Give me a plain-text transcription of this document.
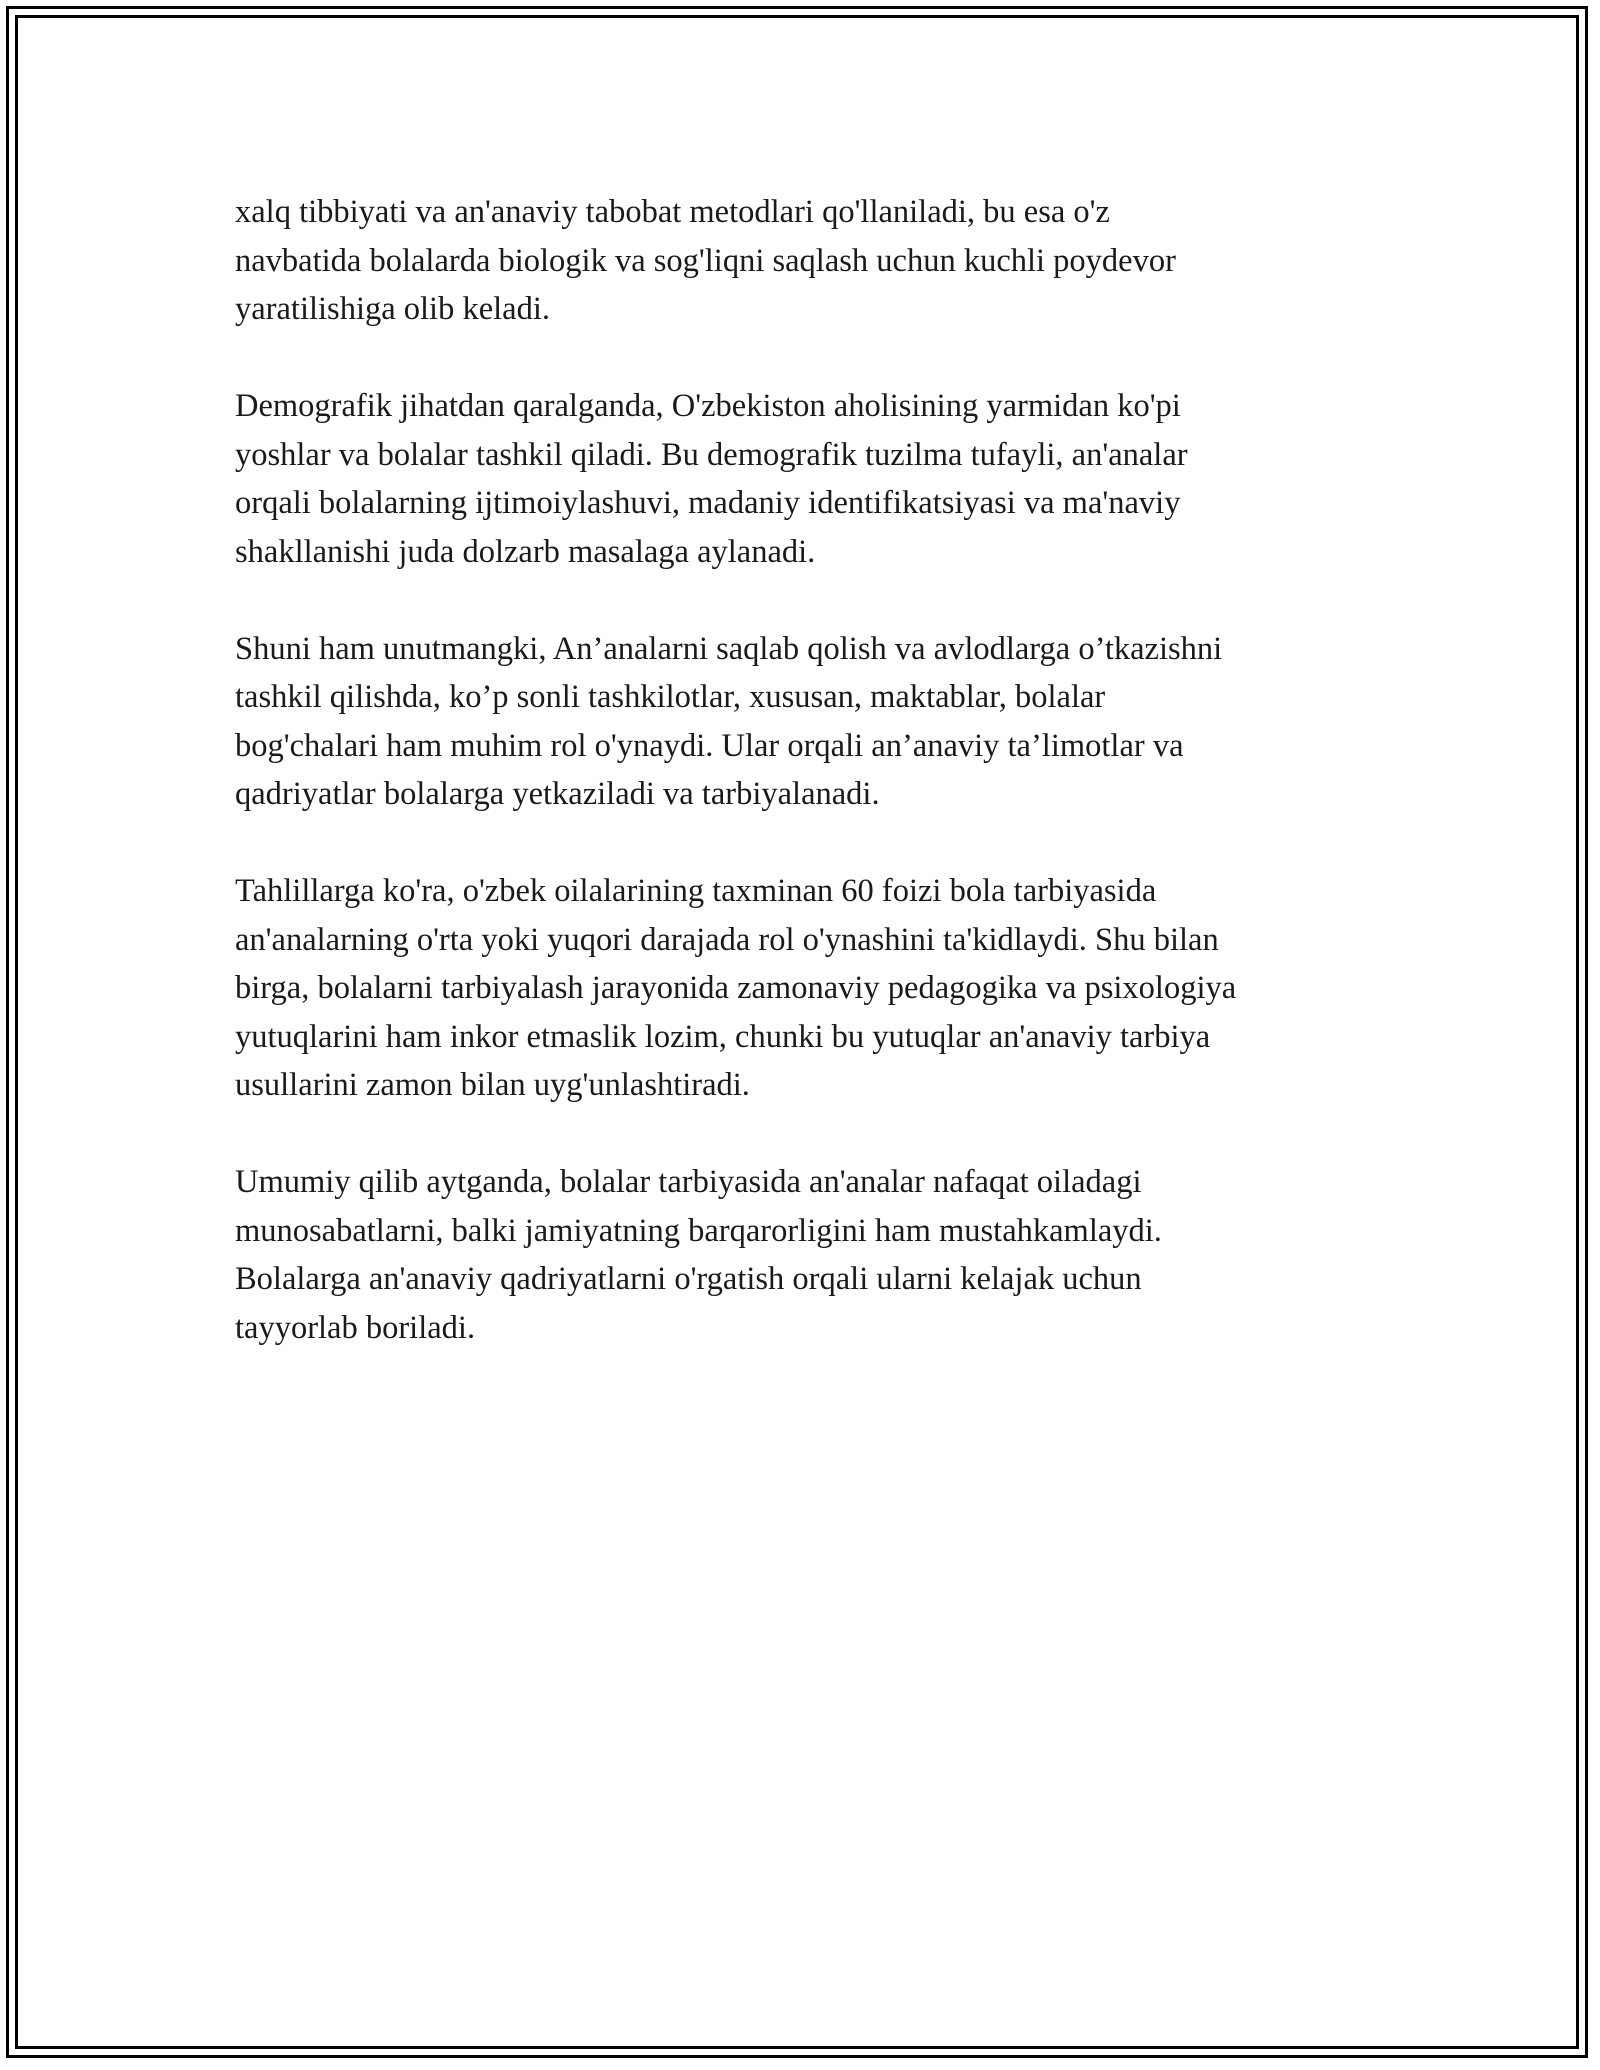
xalq tibbiyati va an'anaviy tabobat metodlari qo'llaniladi, bu esa o'z
navbatida bolalarda biologik va sog'liqni saqlash uchun kuchli poydevor
yaratilishiga olib keladi.

Demografik jihatdan qaralganda, O'zbekiston aholisining yarmidan ko'pi
yoshlar va bolalar tashkil qiladi. Bu demografik tuzilma tufayli, an'analar
orqali bolalarning ijtimoiylashuvi, madaniy identifikatsiyasi va ma'naviy
shakllanishi juda dolzarb masalaga aylanadi.

Shuni ham unutmangki, An’analarni saqlab qolish va avlodlarga o’tkazishni
tashkil qilishda, ko’p sonli tashkilotlar, xususan, maktablar, bolalar
bog'chalari ham muhim rol o'ynaydi. Ular orqali an’anaviy ta’limotlar va
qadriyatlar bolalarga yetkaziladi va tarbiyalanadi.

Tahlillarga ko'ra, o'zbek oilalarining taxminan 60 foizi bola tarbiyasida
an'analarning o'rta yoki yuqori darajada rol o'ynashini ta'kidlaydi. Shu bilan
birga, bolalarni tarbiyalash jarayonida zamonaviy pedagogika va psixologiya
yutuqlarini ham inkor etmaslik lozim, chunki bu yutuqlar an'anaviy tarbiya
usullarini zamon bilan uyg'unlashtiradi.

Umumiy qilib aytganda, bolalar tarbiyasida an'analar nafaqat oiladagi
munosabatlarni, balki jamiyatning barqarorligini ham mustahkamlaydi.
Bolalarga an'anaviy qadriyatlarni o'rgatish orqali ularni kelajak uchun
tayyorlab boriladi.
